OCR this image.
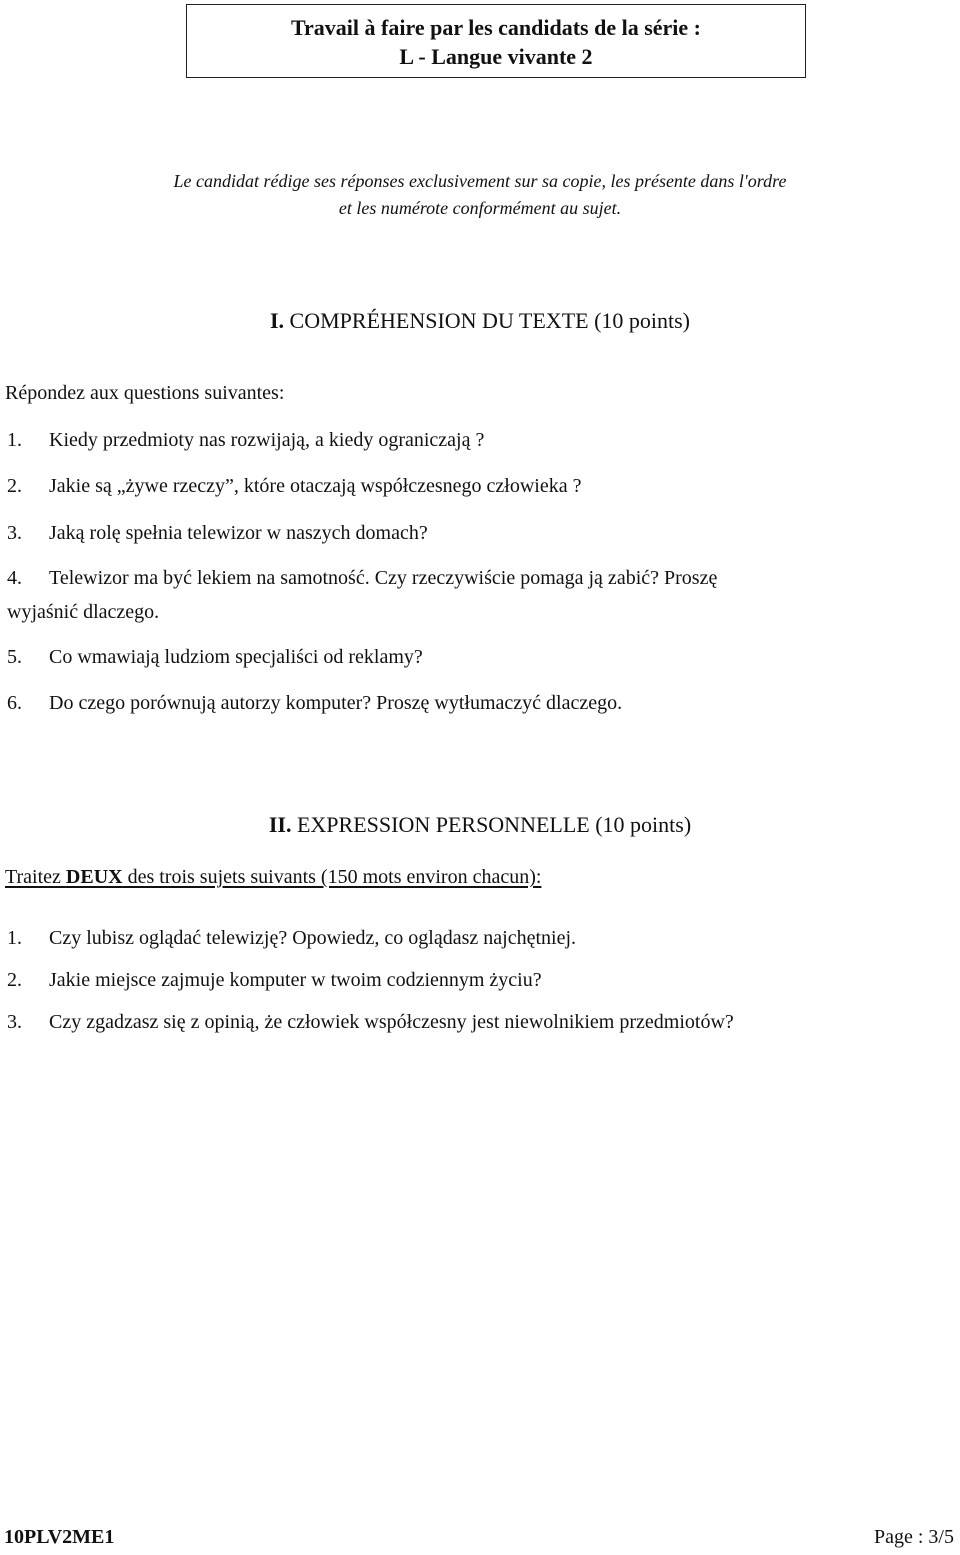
Travail à faire par les candidats de la série :
L - Langue vivante 2
Le candidat rédige ses réponses exclusivement sur sa copie, les présente dans l'ordre
et les numérote conformément au sujet.
I. COMPRÉHENSION DU TEXTE (10 points)
Répondez aux questions suivantes:
1. Kiedy przedmioty nas rozwijają, a kiedy ograniczają ?
2. Jakie są „żywe rzeczy”, które otaczają współczesnego człowieka ?
3. Jaką rolę spełnia telewizor w naszych domach?
4. Telewizor ma być lekiem na samotność. Czy rzeczywiście pomaga ją zabić? Proszę
wyjaśnić dlaczego.
5. Co wmawiają ludziom specjaliści od reklamy?
6. Do czego porównują autorzy komputer? Proszę wytłumaczyć dlaczego.
II. EXPRESSION PERSONNELLE (10 points)
Traitez DEUX des trois sujets suivants (150 mots environ chacun):
1. Czy lubisz oglądać telewizję? Opowiedz, co oglądasz najchętniej.
2. Jakie miejsce zajmuje komputer w twoim codziennym życiu?
3. Czy zgadzasz się z opinią, że człowiek współczesny jest niewolnikiem przedmiotów?
10PLV2ME1	Page : 3/5
